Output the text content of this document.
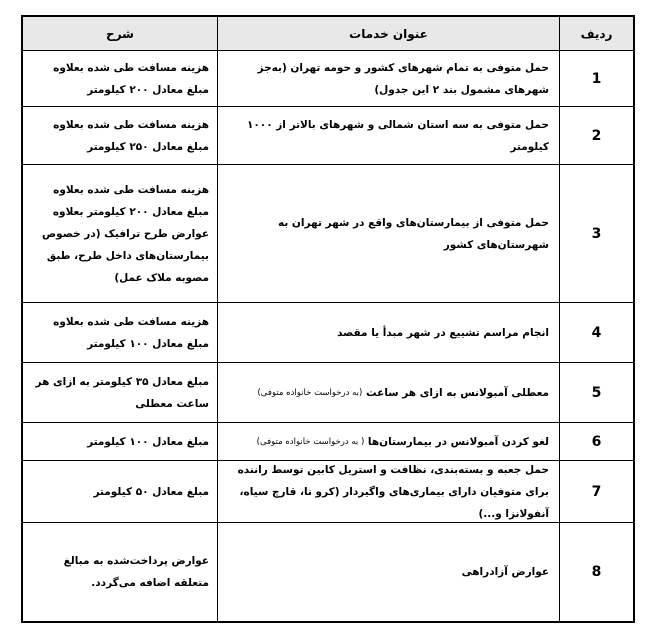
ردیف
عنوان خدمات
شرح
1
حمل متوفی به تمام شهرهای کشور و حومه تهران (به‌جز شهرهای مشمول بند ۲ این جدول)
هزینه مسافت طی شده بعلاوه مبلغ معادل ۲۰۰ کیلومتر
2
حمل متوفی به سه استان شمالی و شهرهای بالاتر از ۱۰۰۰ کیلومتر
هزینه مسافت طی شده بعلاوه مبلغ معادل ۲۵۰ کیلومتر
3
حمل متوفی از بیمارستان‌های واقع در شهر تهران به شهرستان‌های کشور
هزینه مسافت طی شده بعلاوه مبلغ معادل ۲۰۰ کیلومتر بعلاوه عوارض طرح ترافیک (در خصوص بیمارستان‌های داخل طرح، طبق مصوبه ملاک عمل)
4
انجام مراسم تشییع در شهر مبدأ یا مقصد
هزینه مسافت طی شده بعلاوه مبلغ معادل ۱۰۰ کیلومتر
5
معطلی آمبولانس به ازای هر ساعت

(به درخواست خانواده متوفی)
مبلغ معادل ۳۵ کیلومتر به ازای هر ساعت معطلی
6
لغو کردن آمبولانس در بیمارستان‌ها

( به درخواست خانواده متوفی)
مبلغ معادل ۱۰۰ کیلومتر
7
حمل جعبه و بسته‌بندی، نظافت و استریل کابین توسط راننده برای متوفیان دارای بیماری‌های واگیردار (کرو نا، قارچ سیاه، آنفولانزا و...)
مبلغ معادل ۵۰ کیلومتر
8
عوارض آزادراهی
عوارض پرداخت‌شده به مبالغ متعلقه اضافه می‌گردد.
